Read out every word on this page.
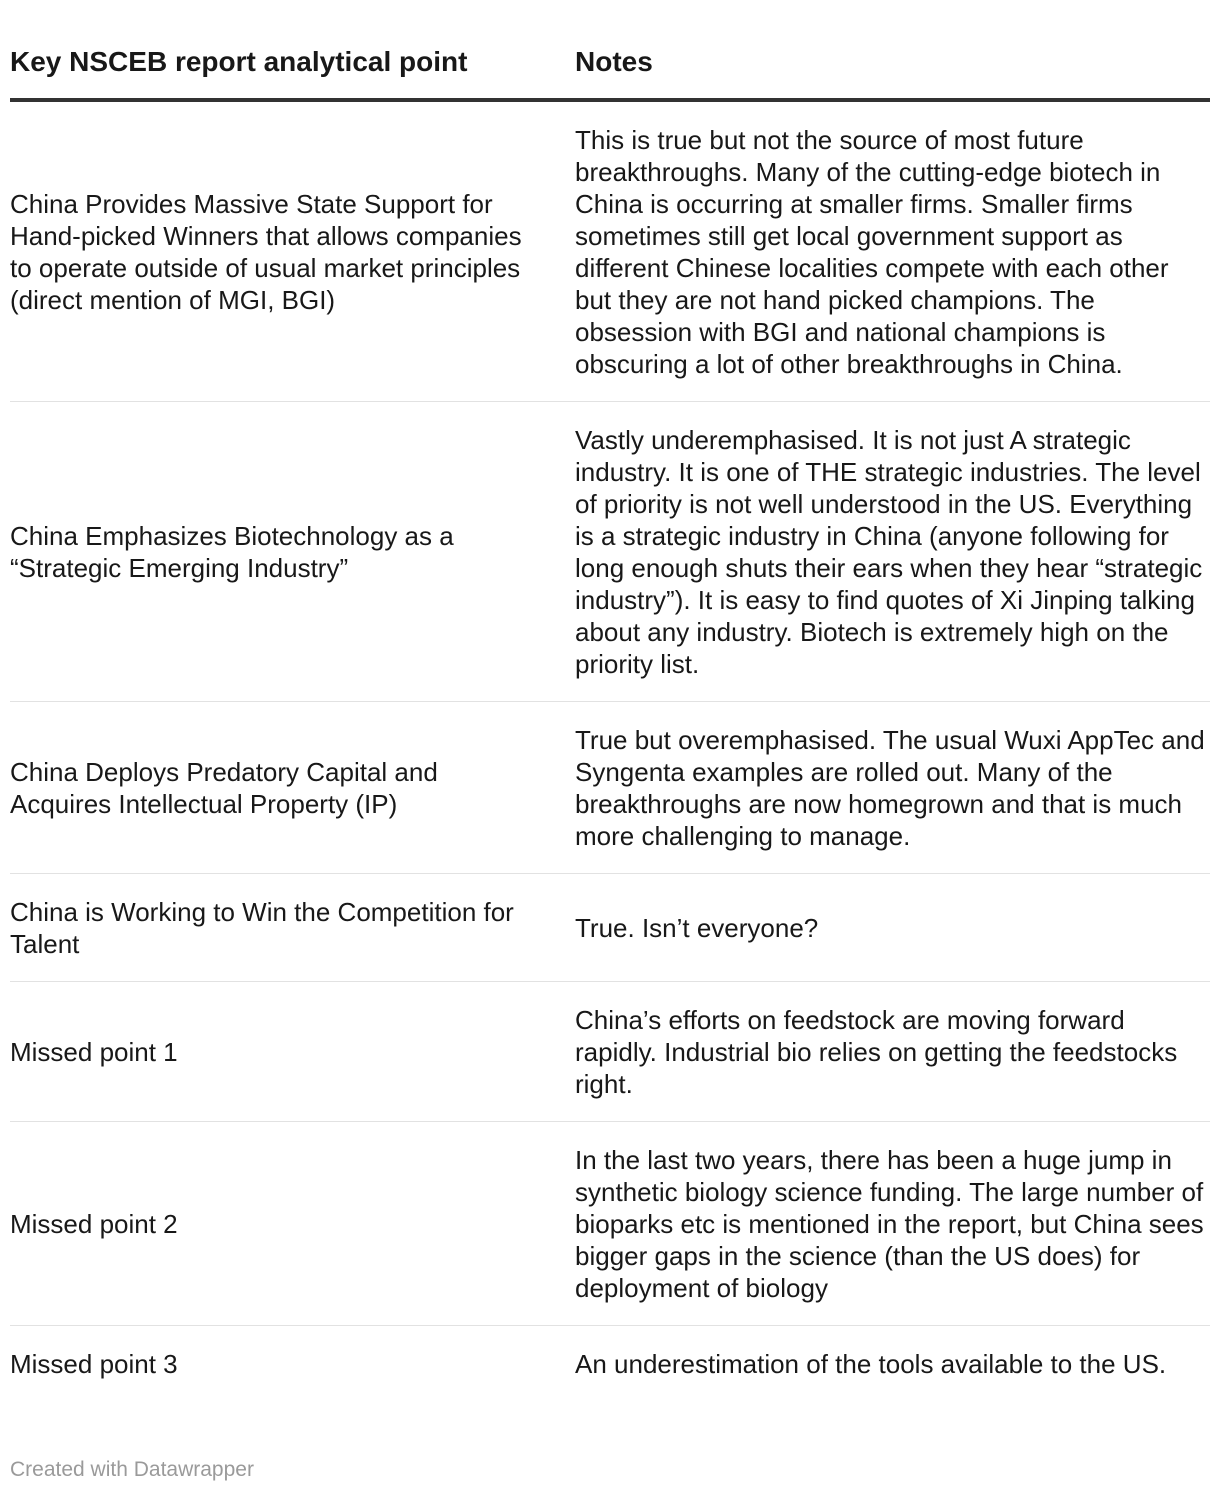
Key NSCEB report analytical point	Notes
China Provides Massive State Support for Hand-picked Winners that allows companies to operate outside of usual market principles (direct mention of MGI, BGI)	This is true but not the source of most future breakthroughs. Many of the cutting-edge biotech in China is occurring at smaller firms. Smaller firms sometimes still get local government support as different Chinese localities compete with each other but they are not hand picked champions. The obsession with BGI and national champions is obscuring a lot of other breakthroughs in China.
China Emphasizes Biotechnology as a “Strategic Emerging Industry”	Vastly underemphasised. It is not just A strategic industry. It is one of THE strategic industries. The level of priority is not well understood in the US. Everything is a strategic industry in China (anyone following for long enough shuts their ears when they hear “strategic industry”). It is easy to find quotes of Xi Jinping talking about any industry. Biotech is extremely high on the priority list.
China Deploys Predatory Capital and Acquires Intellectual Property (IP)	True but overemphasised. The usual Wuxi AppTec and Syngenta examples are rolled out. Many of the breakthroughs are now homegrown and that is much more challenging to manage.
China is Working to Win the Competition for Talent	True. Isn’t everyone?
Missed point 1	China’s efforts on feedstock are moving forward rapidly. Industrial bio relies on getting the feedstocks right.
Missed point 2	In the last two years, there has been a huge jump in synthetic biology science funding. The large number of bioparks etc is mentioned in the report, but China sees bigger gaps in the science (than the US does) for deployment of biology
Missed point 3	An underestimation of the tools available to the US.
Created with Datawrapper
